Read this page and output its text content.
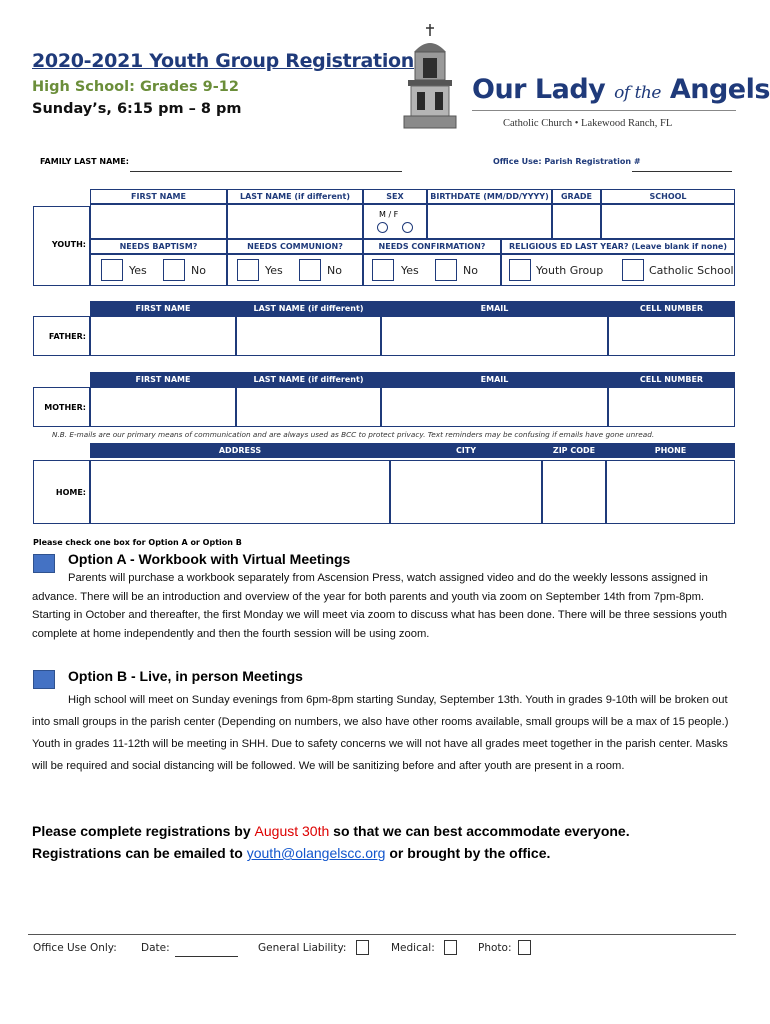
2020-2021 Youth Group Registration
High School: Grades 9-12
Sunday’s, 6:15 pm – 8 pm
Our Lady of the Angels
Catholic Church • Lakewood Ranch, FL
FAMILY LAST NAME:	Office Use: Parish Registration #
YOUTH:
FIRST NAME	LAST NAME (if different)	SEX	BIRTHDATE (MM/DD/YYYY)	GRADE	SCHOOL
M / F
NEEDS BAPTISM?	NEEDS COMMUNION?	NEEDS CONFIRMATION?	RELIGIOUS ED LAST YEAR? (Leave blank if none)
Yes	No	Yes	No	Yes	No	Youth Group	Catholic School
FIRST NAME	LAST NAME (if different)	EMAIL	CELL NUMBER
FATHER:
FIRST NAME	LAST NAME (if different)	EMAIL	CELL NUMBER
MOTHER:
N.B. E-mails are our primary means of communication and are always used as BCC to protect privacy. Text reminders may be confusing if emails have gone unread.
ADDRESS	CITY	ZIP CODE	PHONE
HOME:
Please check one box for Option A or Option B
Option A - Workbook with Virtual Meetings
Parents will purchase a workbook separately from Ascension Press, watch assigned video and do the weekly lessons assigned in advance. There will be an introduction and overview of the year for both parents and youth via zoom on September 14th from 7pm-8pm. Starting in October and thereafter, the first Monday we will meet via zoom to discuss what has been done. There will be three sessions youth complete at home independently and then the fourth session will be using zoom.
Option B - Live, in person Meetings
High school will meet on Sunday evenings from 6pm-8pm starting Sunday, September 13th. Youth in grades 9-10th will be broken out into small groups in the parish center (Depending on numbers, we also have other rooms available, small groups will be a max of 15 people.) Youth in grades 11-12th will be meeting in SHH. Due to safety concerns we will not have all grades meet together in the parish center. Masks will be required and social distancing will be followed. We will be sanitizing before and after youth are present in a room.
Please complete registrations by August 30th so that we can best accommodate everyone. Registrations can be emailed to youth@olangelscc.org or brought by the office.
Office Use Only: Date:	General Liability:	Medical:	Photo:
